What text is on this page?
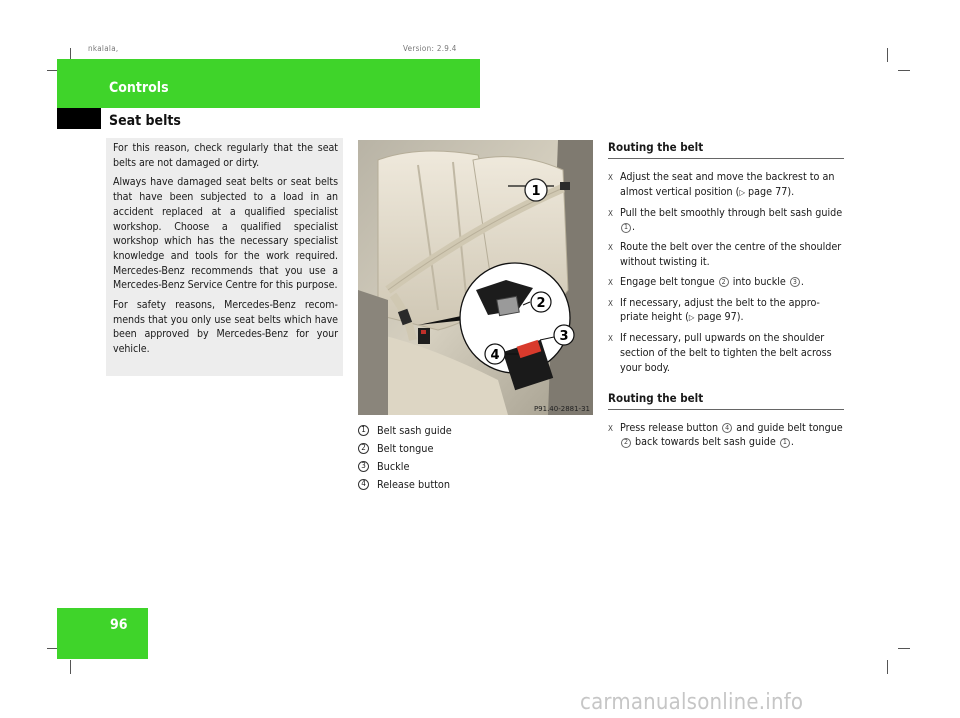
nkalala,	Version: 2.9.4
Controls
Seat belts

For this reason, check regularly that the seat belts are not damaged or dirty.

Always have damaged seat belts or seat belts that have been subjected to a load in an accident replaced at a qualified specialist workshop. Choose a qualified specialist workshop which has the necessary specialist knowledge and tools for the work required. Mercedes-Benz recommends that you use a Mercedes-Benz Service Centre for this purpose.

For safety reasons, Mercedes-Benz recommends that you only use seat belts which have been approved by Mercedes-Benz for your vehicle.

1
2
3
4
P91.40-2881-31
1 Belt sash guide
2 Belt tongue
3 Buckle
4 Release button
Routing the belt
X Adjust the seat and move the backrest to an almost vertical position (▷ page 77).
X Pull the belt smoothly through belt sash guide 1 .
X Route the belt over the centre of the shoulder without twisting it.
X Engage belt tongue 2 into buckle 3 .
X If necessary, adjust the belt to the appropriate height (▷ page 97).
X If necessary, pull upwards on the shoulder section of the belt to tighten the belt across your body.
Routing the belt
X Press release button 4 and guide belt tongue 2 back towards belt sash guide 1 .
96
carmanualsonline.info
